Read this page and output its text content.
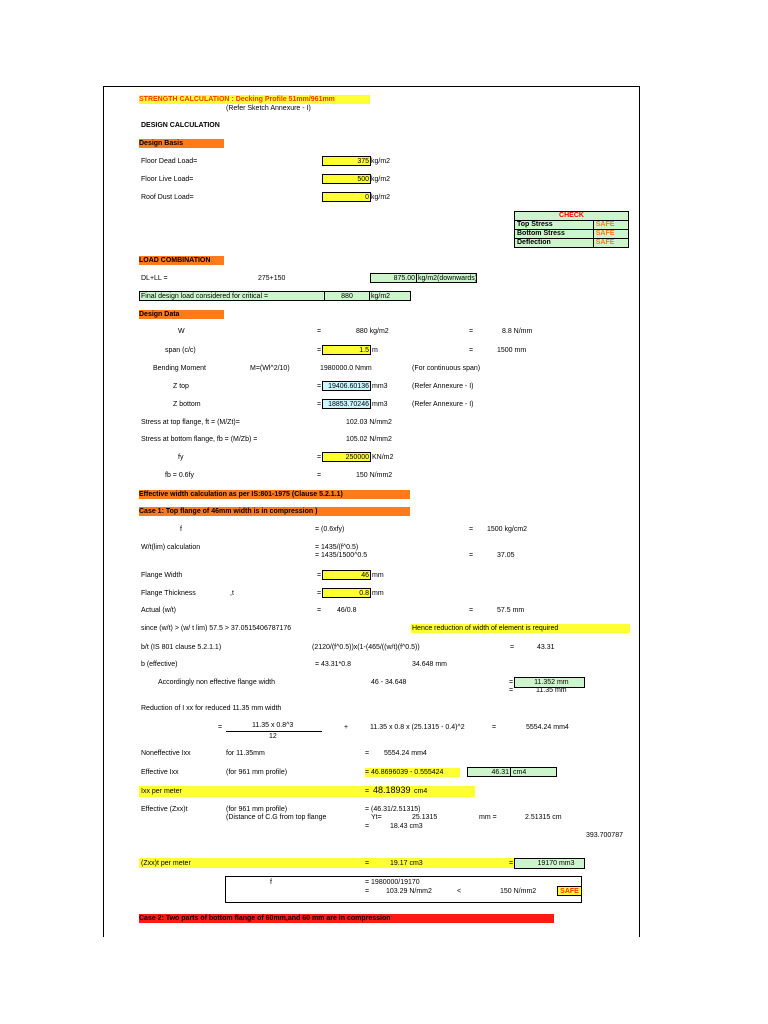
STRENGTH CALCULATION : Decking Profile 51mm/961mm
(Refer Sketch Annexure - I)
DESIGN CALCULATION
Design Basis
Floor Dead Load=	375 kg/m2
Floor Live Load=	500 kg/m2
Roof Dust Load=	0 kg/m2
CHECK	
Top Stress	SAFE
Bottom Stress	SAFE
Deflection	SAFE
LOAD COMBINATION
DL+LL =	275+150	875.00 kg/m2(downwards)
Final design load considered for critical =	880	kg/m2
Design Data
W	=	880 kg/m2	=	8.8 N/mm
span (c/c)	=	1.5 m	=	1500 mm
Bending Moment	M=(Wl^2/10)	1980000.0 Nmm	(For continuous span)
Z top	=	19406.60136 mm3	(Refer Annexure - I)
Z bottom	=	18853.70246 mm3	(Refer Annexure - I)
Stress at top flange, ft = (M/Zt)=	102.03 N/mm2
Stress at bottom flange, fb = (M/Zb) =	105.02 N/mm2
fy	=	250000 KN/m2
fb = 0.6fy	=	150 N/mm2
Effective width calculation as per IS:801-1975 (Clause 5.2.1.1)
Case 1: Top flange of 46mm width is in compression )
f	= (0.6xfy)	= 1500 kg/cm2
W/t(lim) calculation	= 1435/(f^0.5)
= 1435/1500^0.5	=	37.05
Flange Width	=	46 mm
Flange Thickness	,t	=	0.8 mm
Actual (w/t)	= 46/0.8	=	57.5 mm
since (w/t) > (w/ t lim) 57.5 > 37.0515406787176	Hence reduction of width of element is required
b/t (IS 801 clause 5.2.1.1)	(2120/(f^0.5))x(1-(465/((w/t)(f^0.5))	=	43.31
b (effective)	= 43.31*0.8	34.648 mm
Accordingly non effective flange width	46 - 34.648	=	11.352 mm
=	11.35 mm
Reduction of I xx for reduced 11.35 mm width
=	11.35 x 0.8^3
12
+	11.35 x 0.8 x (25.1315 - 0.4)^2	=	5554.24 mm4
Noneffective Ixx	for 11.35mm	= 5554.24 mm4
Effective Ixx	(for 961 mm profile)	= 46.8696039 - 0.555424	46.31 cm4
Ixx per meter	= 48.18939 cm4
Effective (Zxx)t	(for 961 mm profile)	= (46.31/2.51315)
(Distance of C.G from top flange	Yt=	25.1315	mm =	2.51315 cm
=	18.43 cm3
393.700787
(Zxx)t per meter	=	19.17 cm3	=	19170 mm3
f	= 1980000/19170
= 103.29 N/mm2	<	150 N/mm2	SAFE
Case 2: Two parts of bottom flange of 60mm,and 60 mm are in compression
